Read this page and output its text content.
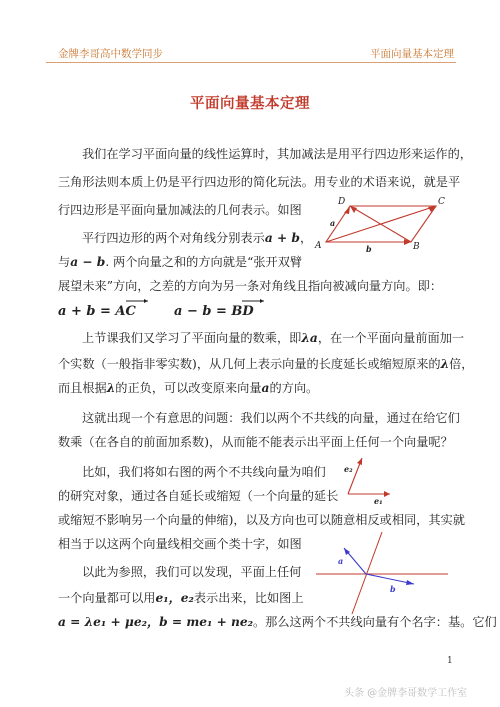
金牌李哥高中数学同步	平面向量基本定理
平面向量基本定理
我们在学习平面向量的线性运算时，其加减法是用平行四边形来运作的，
三角形法则本质上仍是平行四边形的简化玩法。用专业的术语来说，就是平
行四边形是平面向量加减法的几何表示。如图
平行四边形的两个对角线分别表示a + b，
与a − b. 两个向量之和的方向就是“张开双臂
展望未来”方向，之差的方向为另一条对角线且指向被减向量方向。即：
a + b = AC	a − b = BD
上节课我们又学习了平面向量的数乘，即λa，在一个平面向量前面加一
个实数（一般指非零实数)，从几何上表示向量的长度延长或缩短原来的λ倍，
而且根据λ的正负，可以改变原来向量a的方向。
这就出现一个有意思的问题：我们以两个不共线的向量，通过在给它们
数乘（在各自的前面加系数)，从而能不能表示出平面上任何一个向量呢？
比如，我们将如右图的两个不共线向量为咱们
的研究对象，通过各自延长或缩短（一个向量的延长
或缩短不影响另一个向量的伸缩)，以及方向也可以随意相反或相同，其实就
相当于以这两个向量线相交画个类十字，如图
以此为参照，我们可以发现，平面上任何
一个向量都可以用e₁，e₂表示出来，比如图上
a = λe₁ + μe₂，b = me₁ + ne₂。那么这两个不共线向量有个名字：基。它们
D	C
A	B
a
b
e₂
e₁
a
b
1
头条 @金牌李哥数学工作室
